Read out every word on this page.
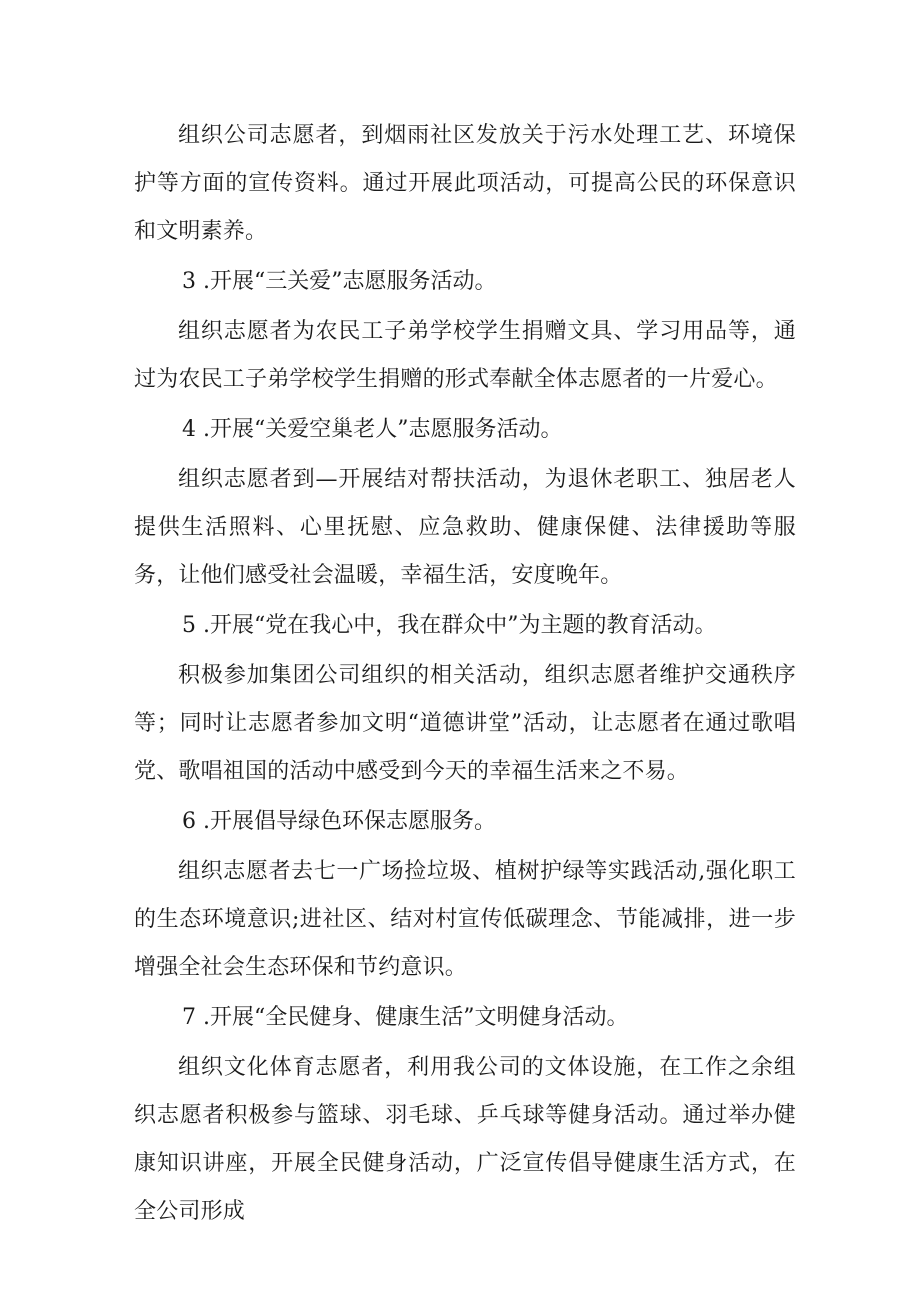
组织公司志愿者，到烟雨社区发放关于污水处理工艺、环境保护等方面的宣传资料。通过开展此项活动，可提高公民的环保意识和文明素养。

3 .开展“三关爱”志愿服务活动。

组织志愿者为农民工子弟学校学生捐赠文具、学习用品等，通过为农民工子弟学校学生捐赠的形式奉献全体志愿者的一片爱心。

4 .开展“关爱空巢老人”志愿服务活动。

组织志愿者到—开展结对帮扶活动，为退休老职工、独居老人提供生活照料、心里抚慰、应急救助、健康保健、法律援助等服务，让他们感受社会温暖，幸福生活，安度晚年。

5 .开展“党在我心中，我在群众中”为主题的教育活动。

积极参加集团公司组织的相关活动，组织志愿者维护交通秩序等；同时让志愿者参加文明“道德讲堂”活动，让志愿者在通过歌唱党、歌唱祖国的活动中感受到今天的幸福生活来之不易。

6 .开展倡导绿色环保志愿服务。

组织志愿者去七一广场捡垃圾、植树护绿等实践活动,强化职工的生态环境意识;进社区、结对村宣传低碳理念、节能减排，进一步增强全社会生态环保和节约意识。

7 .开展“全民健身、健康生活”文明健身活动。

组织文化体育志愿者，利用我公司的文体设施，在工作之余组织志愿者积极参与篮球、羽毛球、乒乓球等健身活动。通过举办健康知识讲座，开展全民健身活动，广泛宣传倡导健康生活方式，在全公司形成
